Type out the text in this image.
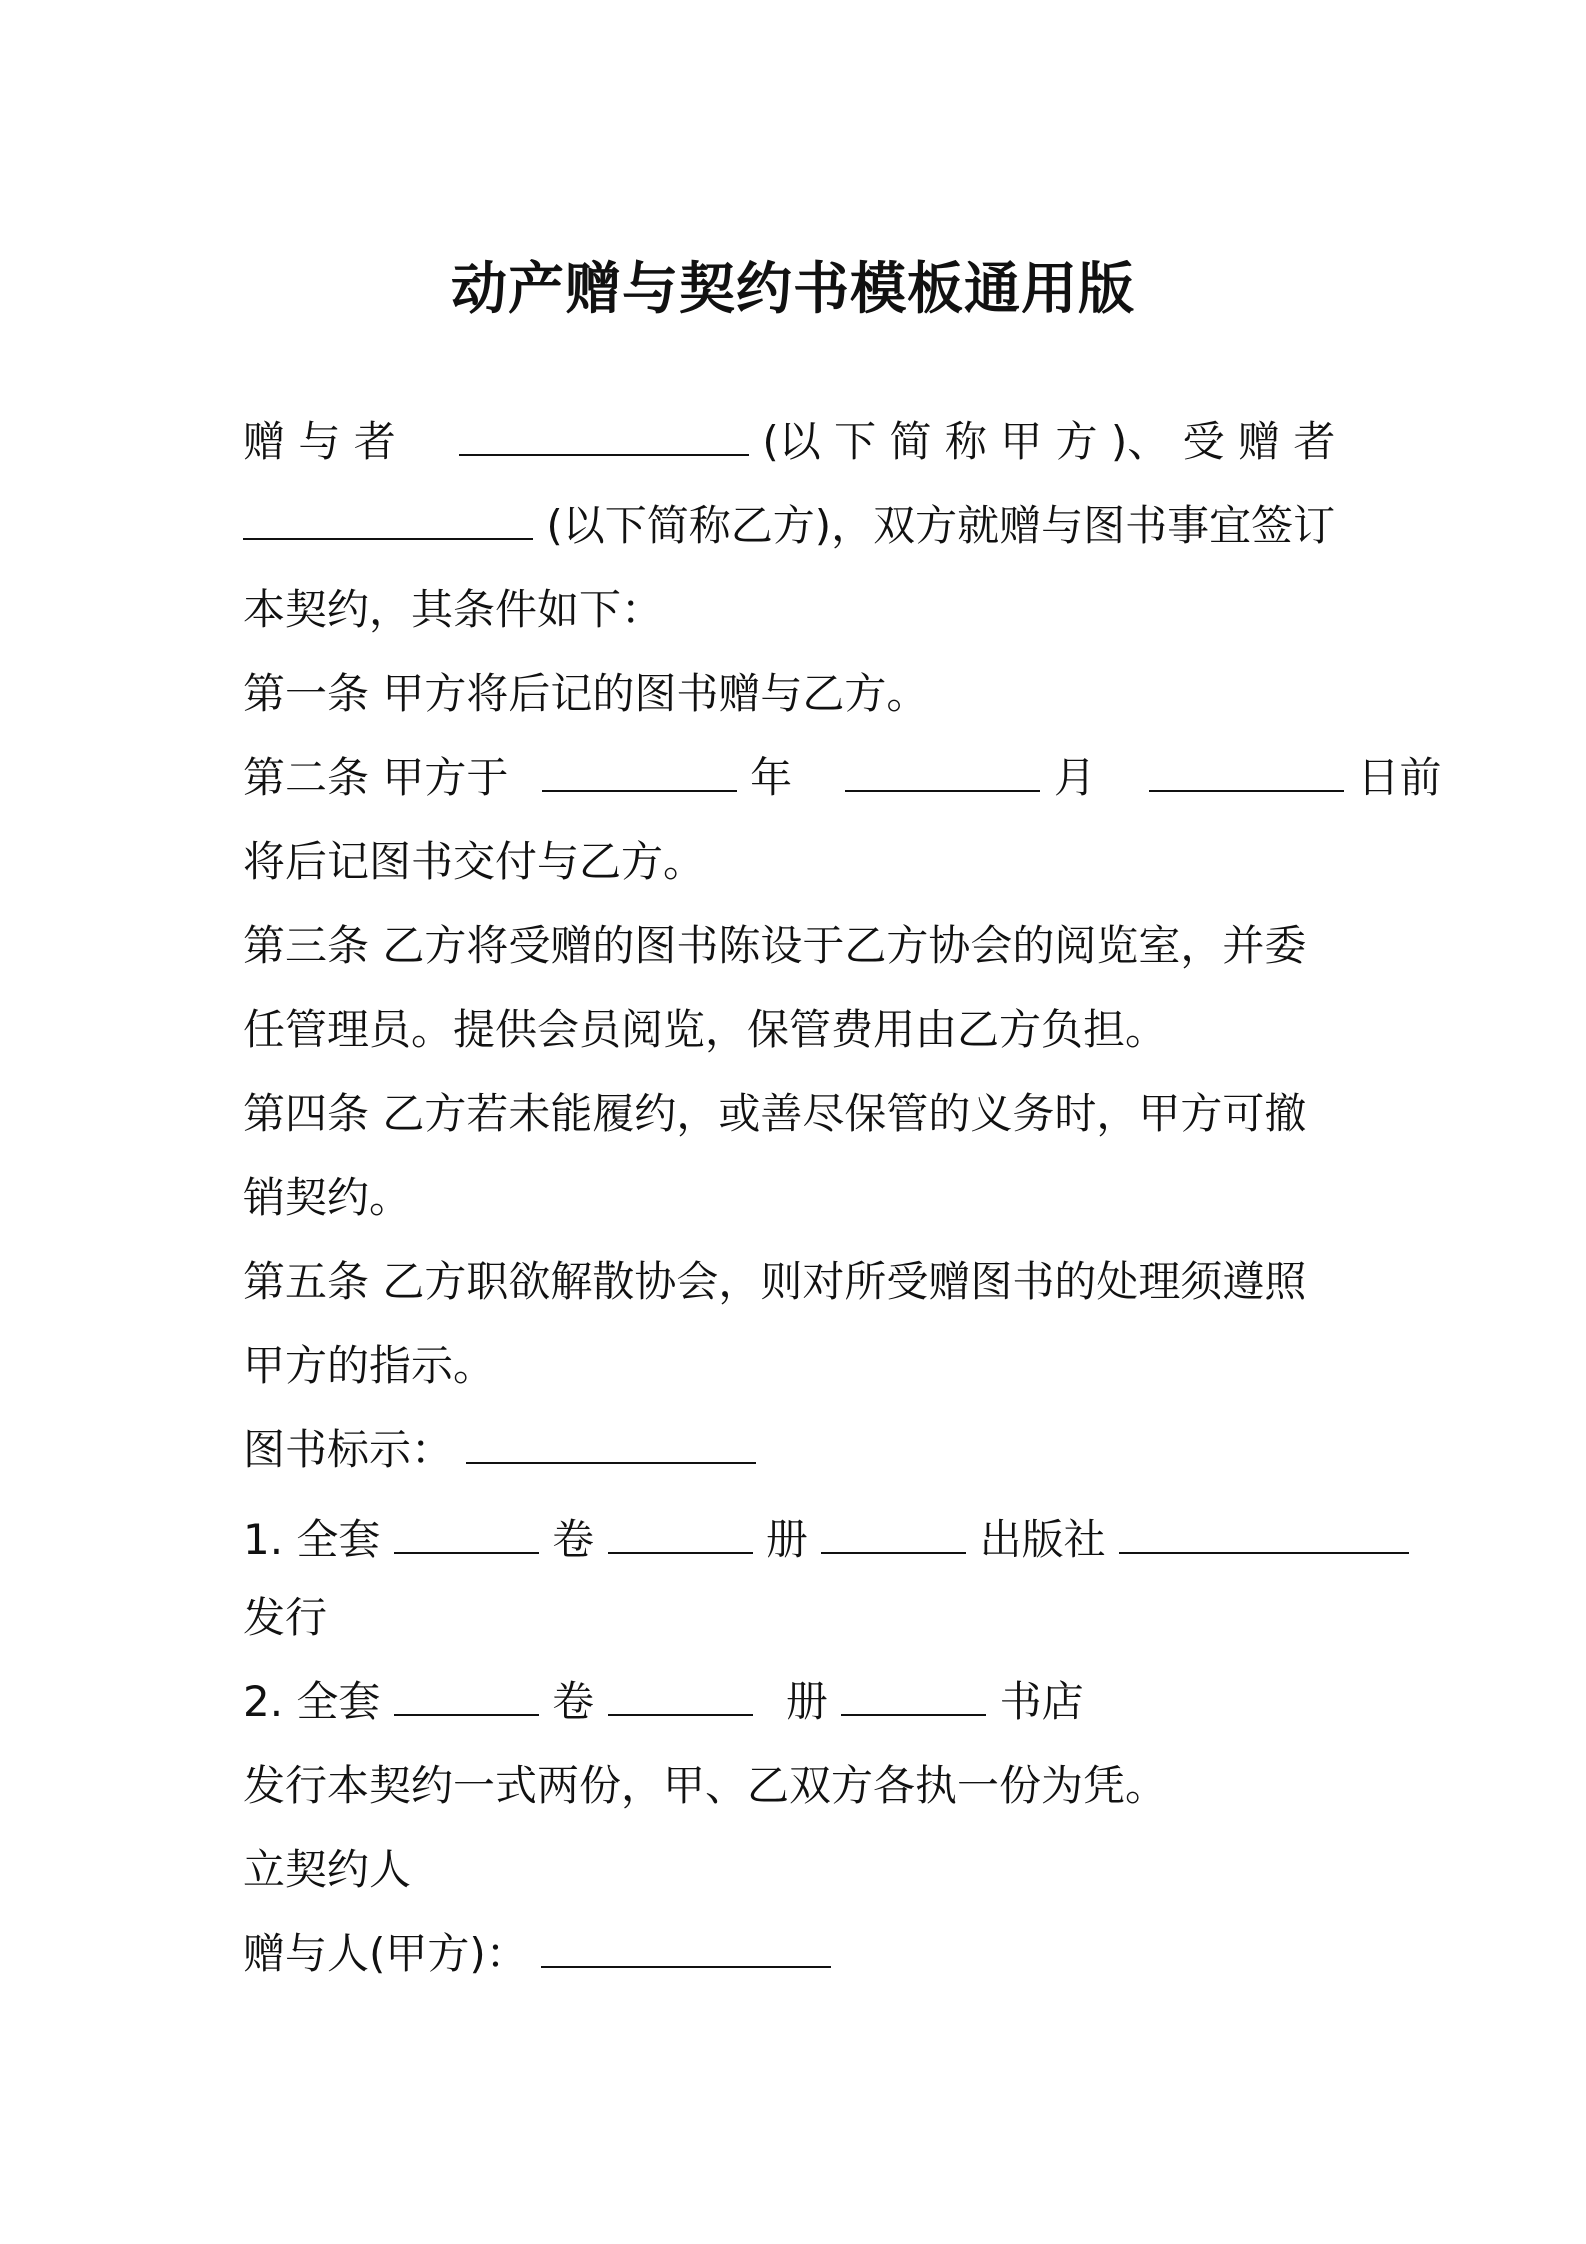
动产赠与契约书模板通用版
赠 与 者	(以 下 简 称 甲 方 )、 受 赠 者
(以下简称乙方)，双方就赠与图书事宜签订
本契约，其条件如下：
第一条 甲方将后记的图书赠与乙方。
第二条 甲方于	年	月	日前
将后记图书交付与乙方。
第三条 乙方将受赠的图书陈设于乙方协会的阅览室，并委
任管理员。提供会员阅览，保管费用由乙方负担。
第四条 乙方若未能履约，或善尽保管的义务时，甲方可撤
销契约。
第五条 乙方职欲解散协会，则对所受赠图书的处理须遵照
甲方的指示。
图书标示：
1. 全套	卷	册	出版社
发行
2. 全套	卷	册	书店
发行本契约一式两份，甲、乙双方各执一份为凭。
立契约人
赠与人(甲方)：
